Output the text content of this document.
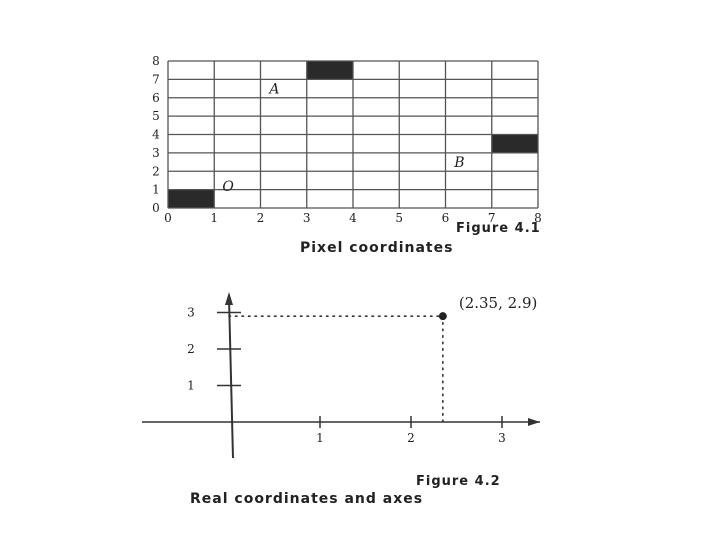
0	1	2	3	4	5	6	7	8
0
1
2
3
4
5
6
7
8
A
B
O
1	2	3
1
2
3
(2.35, 2.9)
Figure 4.1
Pixel coordinates
Figure 4.2
Real coordinates and axes
